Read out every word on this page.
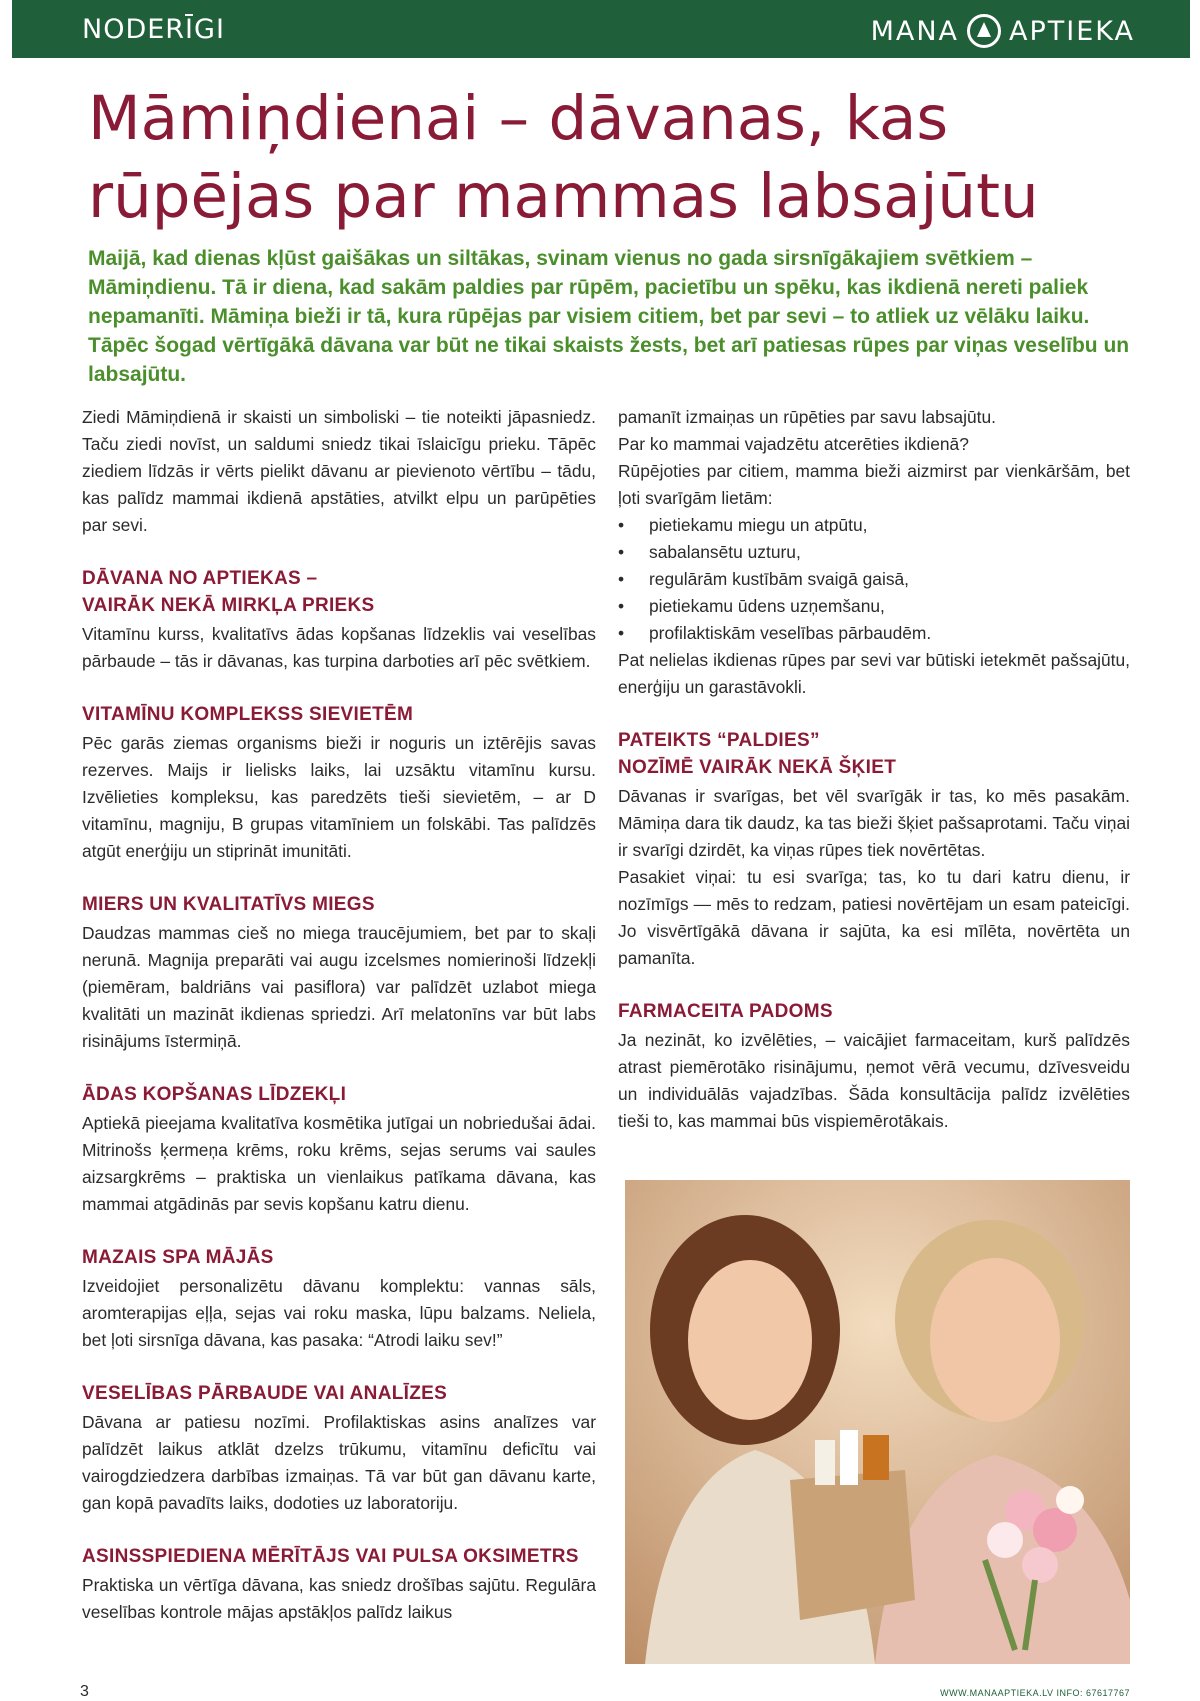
NODERĪGI	MANA APTIEKA
Māmiņdienai – dāvanas, kas rūpējas par mammas labsajūtu

Maijā, kad dienas kļūst gaišākas un siltākas, svinam vienus no gada sirsnīgākajiem svētkiem – Māmiņdienu. Tā ir diena, kad sakām paldies par rūpēm, pacietību un spēku, kas ikdienā nereti paliek nepamanīti. Māmiņa bieži ir tā, kura rūpējas par visiem citiem, bet par sevi – to atliek uz vēlāku laiku. Tāpēc šogad vērtīgākā dāvana var būt ne tikai skaists žests, bet arī patiesas rūpes par viņas veselību un labsajūtu.

Ziedi Māmiņdienā ir skaisti un simboliski – tie noteikti jāpasniedz. Taču ziedi novīst, un saldumi sniedz tikai īslaicīgu prieku. Tāpēc ziediem līdzās ir vērts pielikt dāvanu ar pievienoto vērtību – tādu, kas palīdz mammai ikdienā apstāties, atvilkt elpu un parūpēties par sevi.

DĀVANA NO APTIEKAS –
VAIRĀK NEKĀ MIRKĻA PRIEKS

Vitamīnu kurss, kvalitatīvs ādas kopšanas līdzeklis vai veselības pārbaude – tās ir dāvanas, kas turpina darboties arī pēc svētkiem.

VITAMĪNU KOMPLEKSS SIEVIETĒM

Pēc garās ziemas organisms bieži ir noguris un iztērējis savas rezerves. Maijs ir lielisks laiks, lai uzsāktu vitamīnu kursu. Izvēlieties kompleksu, kas paredzēts tieši sievietēm, – ar D vitamīnu, magniju, B grupas vitamīniem un folskābi. Tas palīdzēs atgūt enerģiju un stiprināt imunitāti.

MIERS UN KVALITATĪVS MIEGS

Daudzas mammas cieš no miega traucējumiem, bet par to skaļi nerunā. Magnija preparāti vai augu izcelsmes nomierinoši līdzekļi (piemēram, baldriāns vai pasiflora) var palīdzēt uzlabot miega kvalitāti un mazināt ikdienas spriedzi. Arī melatonīns var būt labs risinājums īstermiņā.

ĀDAS KOPŠANAS LĪDZEKĻI

Aptiekā pieejama kvalitatīva kosmētika jutīgai un nobriedušai ādai. Mitrinošs ķermeņa krēms, roku krēms, sejas serums vai saules aizsargkrēms – praktiska un vienlaikus patīkama dāvana, kas mammai atgādinās par sevis kopšanu katru dienu.

MAZAIS SPA MĀJĀS

Izveidojiet personalizētu dāvanu komplektu: vannas sāls, aromterapijas eļļa, sejas vai roku maska, lūpu balzams. Neliela, bet ļoti sirsnīga dāvana, kas pasaka: “Atrodi laiku sev!”

VESELĪBAS PĀRBAUDE VAI ANALĪZES

Dāvana ar patiesu nozīmi. Profilaktiskas asins analīzes var palīdzēt laikus atklāt dzelzs trūkumu, vitamīnu deficītu vai vairogdziedzera darbības izmaiņas. Tā var būt gan dāvanu karte, gan kopā pavadīts laiks, dodoties uz laboratoriju.

ASINSSPIEDIENA MĒRĪTĀJS VAI PULSA OKSIMETRS

Praktiska un vērtīga dāvana, kas sniedz drošības sajūtu. Regulāra veselības kontrole mājas apstākļos palīdz laikus

pamanīt izmaiņas un rūpēties par savu labsajūtu.

Par ko mammai vajadzētu atcerēties ikdienā?

Rūpējoties par citiem, mamma bieži aizmirst par vienkāršām, bet ļoti svarīgām lietām:

• pietiekamu miegu un atpūtu,
• sabalansētu uzturu,
• regulārām kustībām svaigā gaisā,
• pietiekamu ūdens uzņemšanu,
• profilaktiskām veselības pārbaudēm.

Pat nelielas ikdienas rūpes par sevi var būtiski ietekmēt pašsajūtu, enerģiju un garastāvokli.

PATEIKTS “PALDIES”
NOZĪMĒ VAIRĀK NEKĀ ŠĶIET

Dāvanas ir svarīgas, bet vēl svarīgāk ir tas, ko mēs pasakām. Māmiņa dara tik daudz, ka tas bieži šķiet pašsaprotami. Taču viņai ir svarīgi dzirdēt, ka viņas rūpes tiek novērtētas.

Pasakiet viņai: tu esi svarīga; tas, ko tu dari katru dienu, ir nozīmīgs — mēs to redzam, patiesi novērtējam un esam pateicīgi. Jo visvērtīgākā dāvana ir sajūta, ka esi mīlēta, novērtēta un pamanīta.

FARMACEITA PADOMS

Ja nezināt, ko izvēlēties, – vaicājiet farmaceitam, kurš palīdzēs atrast piemērotāko risinājumu, ņemot vērā vecumu, dzīvesveidu un individuālās vajadzības. Šāda konsultācija palīdz izvēlēties tieši to, kas mammai būs vispiemērotākais.

3	WWW.MANAAPTIEKA.LV INFO: 67617767
